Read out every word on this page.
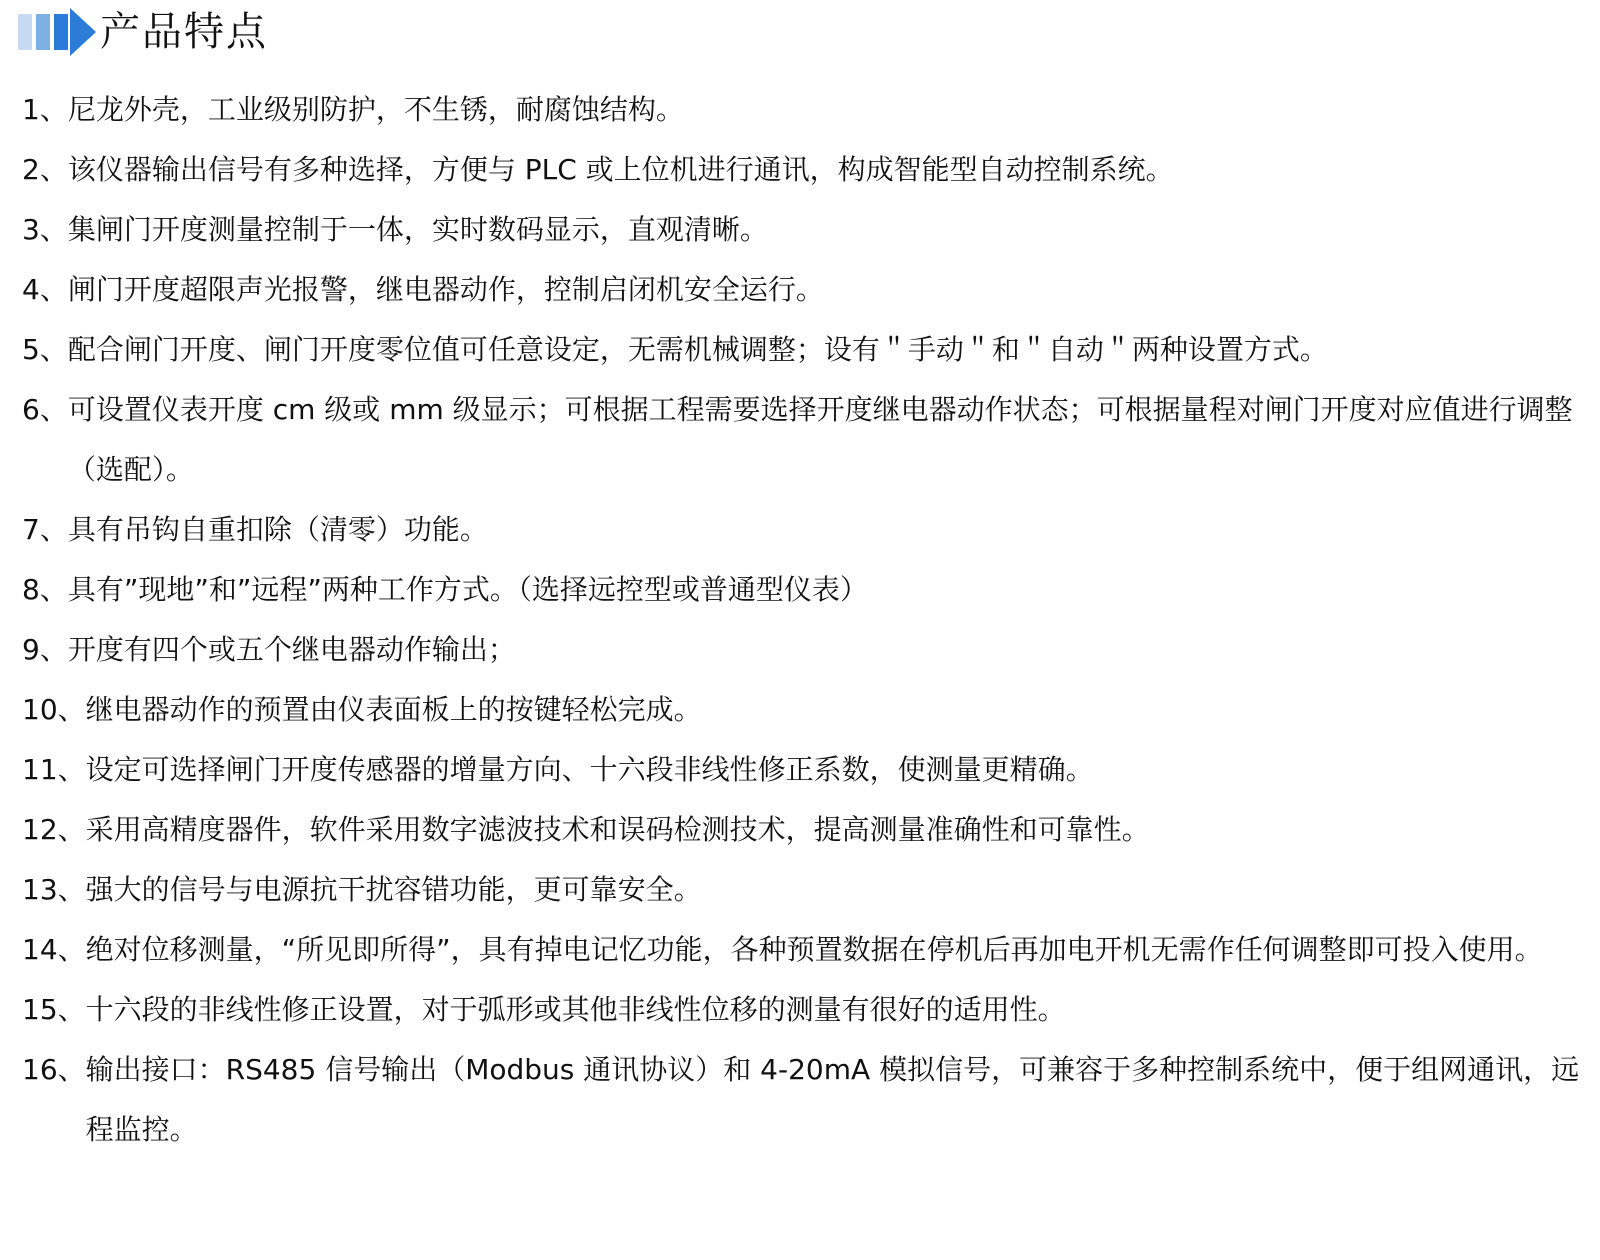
产品特点
1、 尼龙外壳，工业级别防护，不生锈，耐腐蚀结构。
2、 该仪器输出信号有多种选择，方便与 PLC 或上位机进行通讯，构成智能型自动控制系统。
3、 集闸门开度测量控制于一体，实时数码显示，直观清晰。
4、 闸门开度超限声光报警，继电器动作，控制启闭机安全运行。
5、 配合闸门开度、闸门开度零位值可任意设定，无需机械调整；设有＂手动＂和＂自动＂两种设置方式。
6、 可设置仪表开度 cm 级或 mm 级显示；可根据工程需要选择开度继电器动作状态；可根据量程对闸门开度对应值进行调整（选配）。
7、 具有吊钩自重扣除（清零）功能。
8、 具有”现地”和”远程”两种工作方式。（选择远控型或普通型仪表）
9、 开度有四个或五个继电器动作输出；
10、 继电器动作的预置由仪表面板上的按键轻松完成。
11、 设定可选择闸门开度传感器的增量方向、十六段非线性修正系数，使测量更精确。
12、 采用高精度器件，软件采用数字滤波技术和误码检测技术，提高测量准确性和可靠性。
13、 强大的信号与电源抗干扰容错功能，更可靠安全。
14、 绝对位移测量，“所见即所得”，具有掉电记忆功能，各种预置数据在停机后再加电开机无需作任何调整即可投入使用。
15、 十六段的非线性修正设置，对于弧形或其他非线性位移的测量有很好的适用性。
16、 输出接口：RS485 信号输出（Modbus 通讯协议）和 4-20mA 模拟信号，可兼容于多种控制系统中，便于组网通讯，远程监控。
